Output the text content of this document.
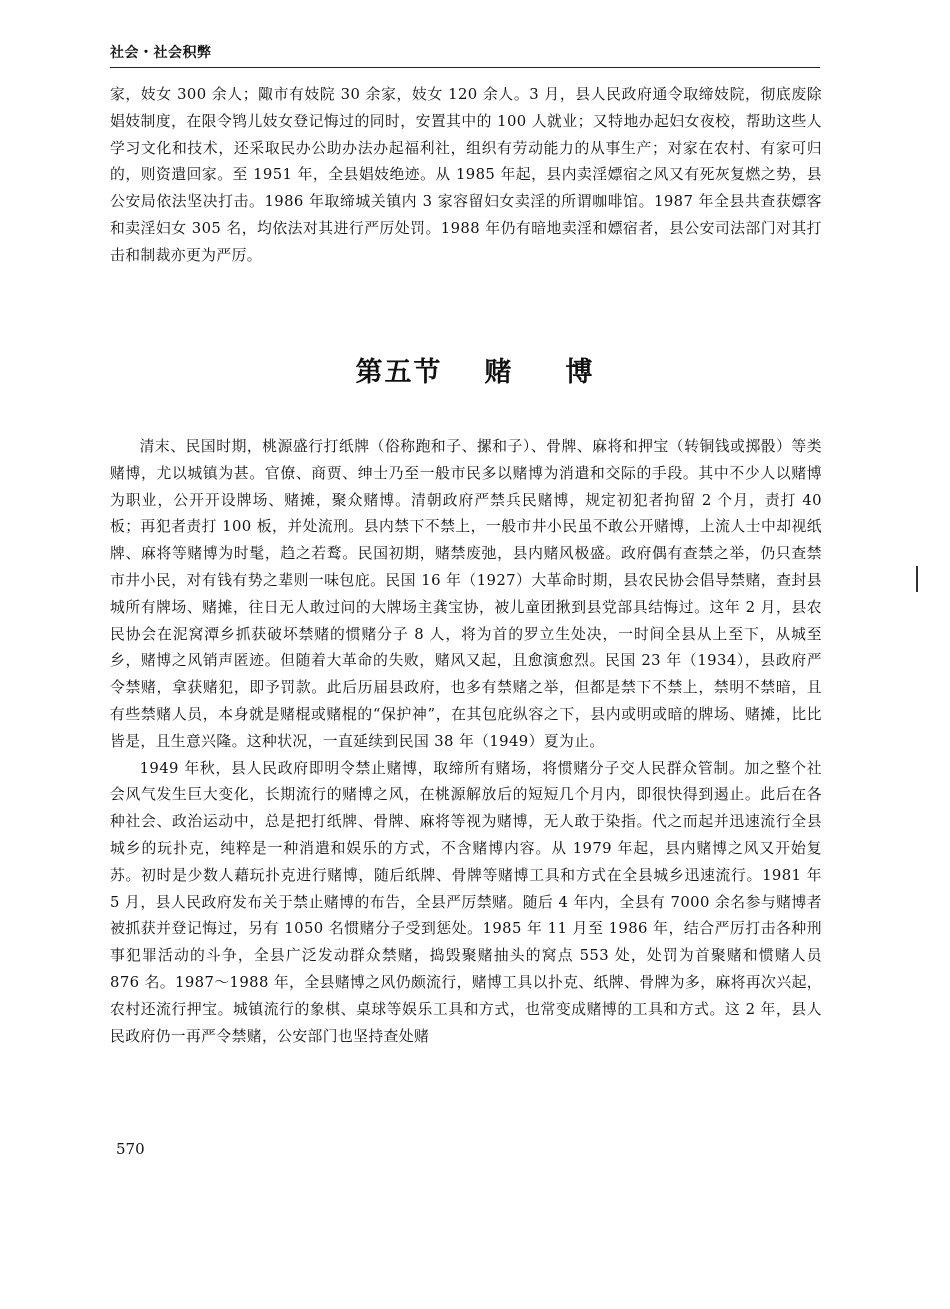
社会・社会积弊

家，妓女 300 余人；陬市有妓院 30 余家，妓女 120 余人。3 月，县人民政府通令取缔妓院，彻底废除娼妓制度，在限令鸨儿妓女登记悔过的同时，安置其中的 100 人就业；又特地办起妇女夜校，帮助这些人学习文化和技术，还采取民办公助办法办起福利社，组织有劳动能力的从事生产；对家在农村、有家可归的，则资遣回家。至 1951 年，全县娼妓绝迹。从 1985 年起，县内卖淫嫖宿之风又有死灰复燃之势，县公安局依法坚决打击。1986 年取缔城关镇内 3 家容留妇女卖淫的所谓咖啡馆。1987 年全县共查获嫖客和卖淫妇女 305 名，均依法对其进行严厉处罚。1988 年仍有暗地卖淫和嫖宿者，县公安司法部门对其打击和制裁亦更为严厉。

第五节 赌 博

清末、民国时期，桃源盛行打纸牌（俗称跑和子、摞和子）、骨牌、麻将和押宝（转铜钱或掷骰）等类赌博，尤以城镇为甚。官僚、商贾、绅士乃至一般市民多以赌博为消遣和交际的手段。其中不少人以赌博为职业，公开开设牌场、赌摊，聚众赌博。清朝政府严禁兵民赌博，规定初犯者拘留 2 个月，责打 40 板；再犯者责打 100 板，并处流刑。县内禁下不禁上，一般市井小民虽不敢公开赌博，上流人士中却视纸牌、麻将等赌博为时髦，趋之若鹜。民国初期，赌禁废弛，县内赌风极盛。政府偶有查禁之举，仍只查禁市井小民，对有钱有势之辈则一味包庇。民国 16 年（1927）大革命时期，县农民协会倡导禁赌，查封县城所有牌场、赌摊，往日无人敢过问的大牌场主龚宝协，被儿童团揪到县党部具结悔过。这年 2 月，县农民协会在泥窝潭乡抓获破坏禁赌的惯赌分子 8 人，将为首的罗立生处决，一时间全县从上至下，从城至乡，赌博之风销声匿迹。但随着大革命的失败，赌风又起，且愈演愈烈。民国 23 年（1934），县政府严令禁赌，拿获赌犯，即予罚款。此后历届县政府，也多有禁赌之举，但都是禁下不禁上，禁明不禁暗，且有些禁赌人员，本身就是赌棍或赌棍的“保护神”，在其包庇纵容之下，县内或明或暗的牌场、赌摊，比比皆是，且生意兴隆。这种状况，一直延续到民国 38 年（1949）夏为止。

1949 年秋，县人民政府即明令禁止赌博，取缔所有赌场，将惯赌分子交人民群众管制。加之整个社会风气发生巨大变化，长期流行的赌博之风，在桃源解放后的短短几个月内，即很快得到遏止。此后在各种社会、政治运动中，总是把打纸牌、骨牌、麻将等视为赌博，无人敢于染指。代之而起并迅速流行全县城乡的玩扑克，纯粹是一种消遣和娱乐的方式，不含赌博内容。从 1979 年起，县内赌博之风又开始复苏。初时是少数人藉玩扑克进行赌博，随后纸牌、骨牌等赌博工具和方式在全县城乡迅速流行。1981 年 5 月，县人民政府发布关于禁止赌博的布告，全县严厉禁赌。随后 4 年内，全县有 7000 余名参与赌博者被抓获并登记悔过，另有 1050 名惯赌分子受到惩处。1985 年 11 月至 1986 年，结合严厉打击各种刑事犯罪活动的斗争，全县广泛发动群众禁赌，捣毁聚赌抽头的窝点 553 处，处罚为首聚赌和惯赌人员 876 名。1987～1988 年，全县赌博之风仍颇流行，赌博工具以扑克、纸牌、骨牌为多，麻将再次兴起，农村还流行押宝。城镇流行的象棋、桌球等娱乐工具和方式，也常变成赌博的工具和方式。这 2 年，县人民政府仍一再严令禁赌，公安部门也坚持查处赌

570
